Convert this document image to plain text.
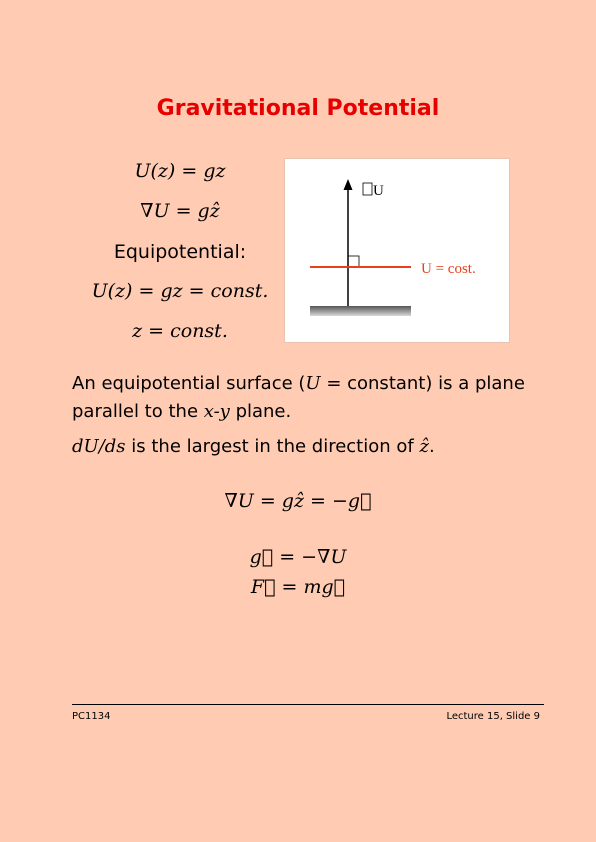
Gravitational Potential
U(z) = gz
∇U = gẑ
Equipotential:
U(z) = gz = const.
z = const.
U
U = cost.
An equipotential surface (U = constant) is a plane parallel to the x-y plane.
dU/ds is the largest in the direction of ẑ.
∇U = gẑ = −g⃗
g⃗ = −∇U
F⃗ = mg⃗
PC1134	Lecture 15, Slide 9
